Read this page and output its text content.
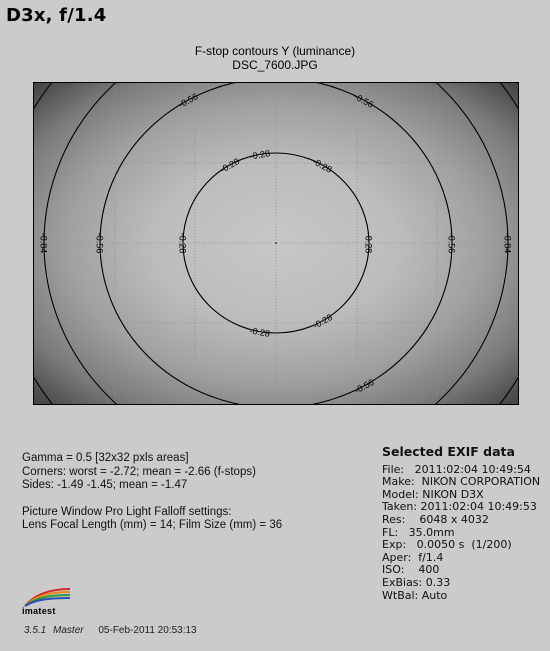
D3x, f/1.4
F-stop contours Y (luminance)
DSC_7600.JPG
-0.28
-0.28
-0.28
-0.28
-0.28
-0.28
-0.28
-0.56
-0.56
-0.56
-0.56
-0.56
-0.84
-0.84
Gamma = 0.5 [32x32 pxls areas]
Corners: worst = -2.72; mean = -2.66 (f-stops)
Sides: -1.49 -1.45; mean = -1.47
Picture Window Pro Light Falloff settings:
Lens Focal Length (mm) = 14; Film Size (mm) = 36
Selected EXIF data
File:   2011:02:04 10:49:54
Make:  NIKON CORPORATION
Model: NIKON D3X
Taken: 2011:02:04 10:49:53
Res:    6048 x 4032
FL:   35.0mm
Exp:   0.0050 s  (1/200)
Aper:  f/1.4
ISO:    400
ExBias: 0.33
WtBal: Auto
imatest
3.5.1 Master 05-Feb-2011 20:53:13
